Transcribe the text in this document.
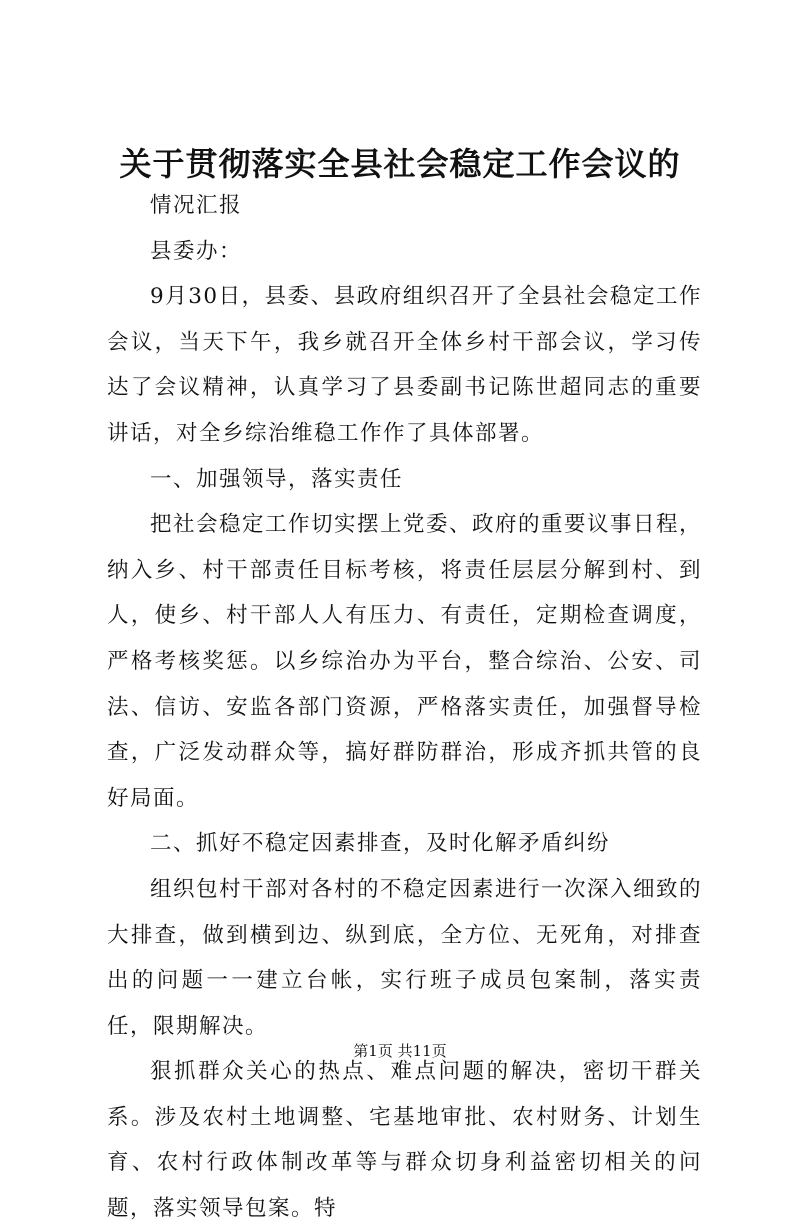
关于贯彻落实全县社会稳定工作会议的

情况汇报

县委办：

9月30日，县委、县政府组织召开了全县社会稳定工作会议，当天下午，我乡就召开全体乡村干部会议，学习传达了会议精神，认真学习了县委副书记陈世超同志的重要讲话，对全乡综治维稳工作作了具体部署。

一、加强领导，落实责任

把社会稳定工作切实摆上党委、政府的重要议事日程，纳入乡、村干部责任目标考核，将责任层层分解到村、到人，使乡、村干部人人有压力、有责任，定期检查调度，严格考核奖惩。以乡综治办为平台，整合综治、公安、司法、信访、安监各部门资源，严格落实责任，加强督导检查，广泛发动群众等，搞好群防群治，形成齐抓共管的良好局面。

二、抓好不稳定因素排查，及时化解矛盾纠纷

组织包村干部对各村的不稳定因素进行一次深入细致的大排查，做到横到边、纵到底，全方位、无死角，对排查出的问题一一建立台帐，实行班子成员包案制，落实责任，限期解决。

狠抓群众关心的热点、难点问题的解决，密切干群关系。涉及农村土地调整、宅基地审批、农村财务、计划生育、农村行政体制改革等与群众切身利益密切相关的问题，落实领导包案。特

第1页 共11页
